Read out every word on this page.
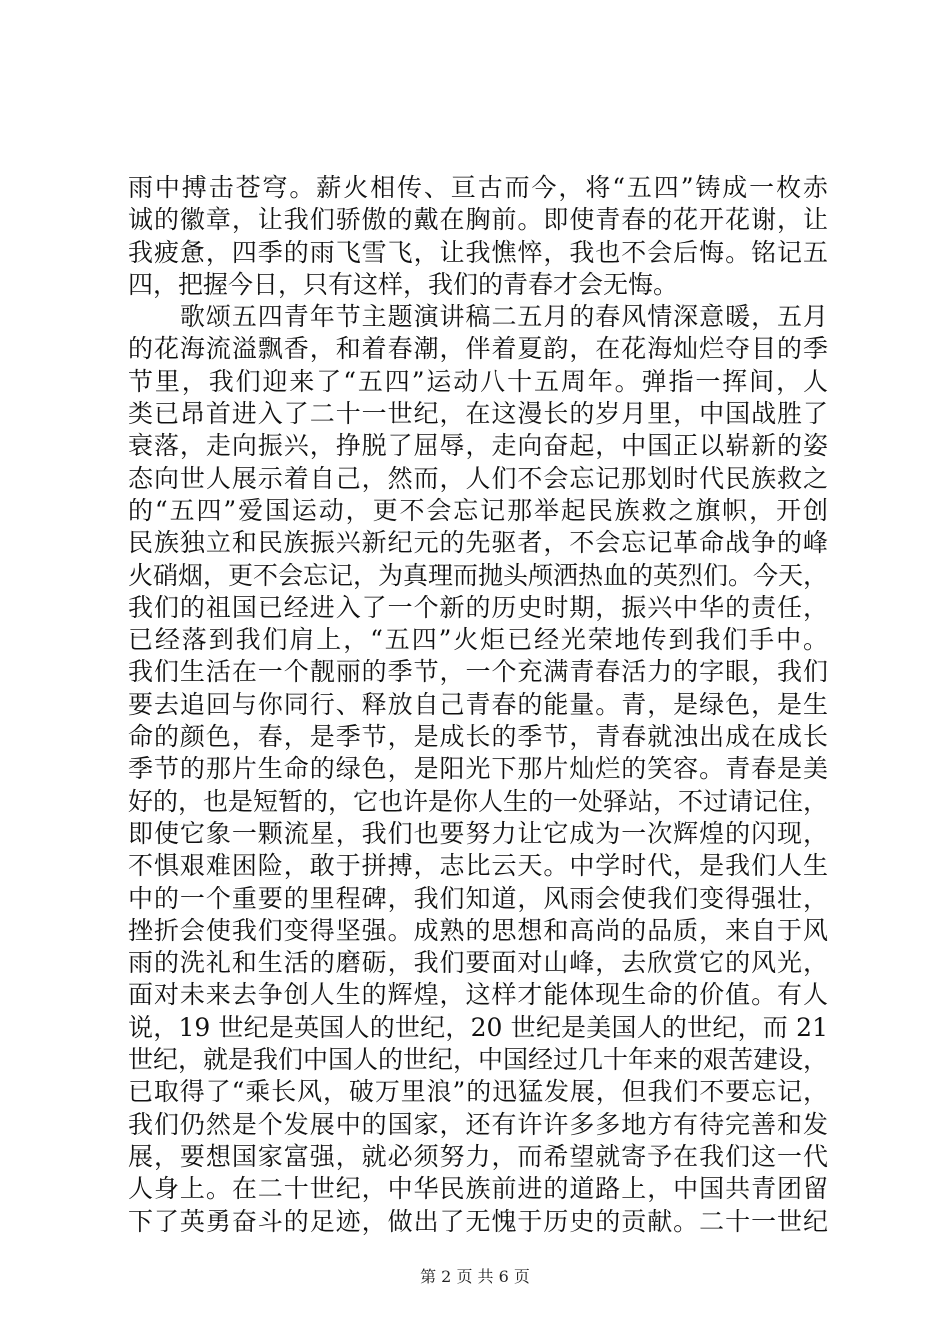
雨中搏击苍穹。薪火相传、亘古而今，将“五四”铸成一枚赤
诚的徽章，让我们骄傲的戴在胸前。即使青春的花开花谢，让
我疲惫，四季的雨飞雪飞，让我憔悴，我也不会后悔。铭记五
四，把握今日，只有这样，我们的青春才会无悔。
　　歌颂五四青年节主题演讲稿二五月的春风情深意暖，五月
的花海流溢飘香，和着春潮，伴着夏韵，在花海灿烂夺目的季
节里，我们迎来了“五四”运动八十五周年。弹指一挥间，人
类已昂首进入了二十一世纪，在这漫长的岁月里，中国战胜了
衰落，走向振兴，挣脱了屈辱，走向奋起，中国正以崭新的姿
态向世人展示着自己，然而，人们不会忘记那划时代民族救之
的“五四”爱国运动，更不会忘记那举起民族救之旗帜，开创
民族独立和民族振兴新纪元的先驱者，不会忘记革命战争的峰
火硝烟，更不会忘记，为真理而抛头颅洒热血的英烈们。今天，
我们的祖国已经进入了一个新的历史时期，振兴中华的责任，
已经落到我们肩上，“五四”火炬已经光荣地传到我们手中。
我们生活在一个靓丽的季节，一个充满青春活力的字眼，我们
要去追回与你同行、释放自己青春的能量。青，是绿色，是生
命的颜色，春，是季节，是成长的季节，青春就浊出成在成长
季节的那片生命的绿色，是阳光下那片灿烂的笑容。青春是美
好的，也是短暂的，它也许是你人生的一处驿站，不过请记住，
即使它象一颗流星，我们也要努力让它成为一次辉煌的闪现，
不惧艰难困险，敢于拼搏，志比云天。中学时代，是我们人生
中的一个重要的里程碑，我们知道，风雨会使我们变得强壮，
挫折会使我们变得坚强。成熟的思想和高尚的品质，来自于风
雨的洗礼和生活的磨砺，我们要面对山峰，去欣赏它的风光，
面对未来去争创人生的辉煌，这样才能体现生命的价值。有人
说，19 世纪是英国人的世纪，20 世纪是美国人的世纪，而 21
世纪，就是我们中国人的世纪，中国经过几十年来的艰苦建设，
已取得了“乘长风，破万里浪”的迅猛发展，但我们不要忘记，
我们仍然是个发展中的国家，还有许许多多地方有待完善和发
展，要想国家富强，就必须努力，而希望就寄予在我们这一代
人身上。在二十世纪，中华民族前进的道路上，中国共青团留
下了英勇奋斗的足迹，做出了无愧于历史的贡献。二十一世纪
第 2 页 共 6 页
